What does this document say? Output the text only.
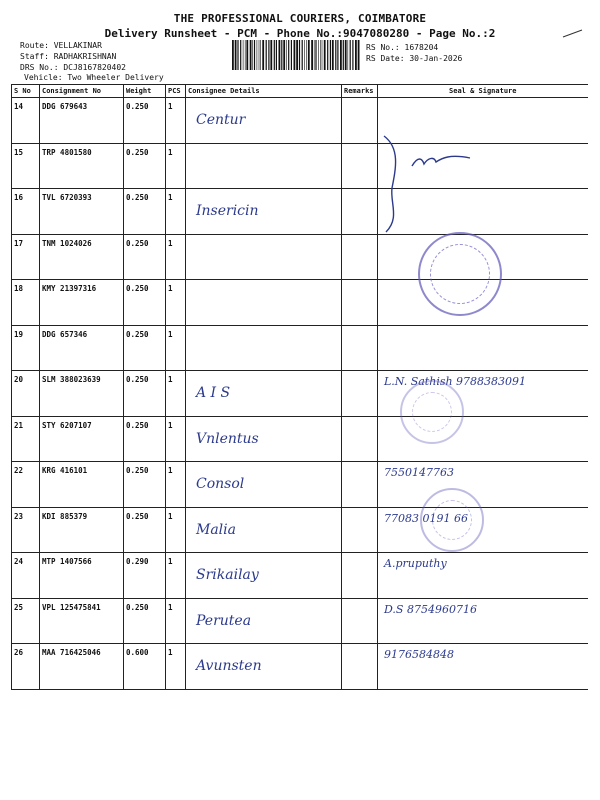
THE PROFESSIONAL COURIERS, COIMBATORE
Delivery Runsheet - PCM - Phone No.:9047080280 - Page No.:2
Route: VELLAKINAR
Staff: RADHAKRISHNAN
DRS No.: DCJ8167820402
Vehicle: Two Wheeler Delivery
RS No.: 1678204
RS Date: 30-Jan-2026
S No	Consignment No	Weight	PCS	Consignee Details	Remarks	Seal & Signature
14	DDG 679643	0.250	1	Centur		

15	TRP 4801580	0.250	1	

16	TVL 6720393	0.250	1	Insericin		

17	TNM 1024026	0.250	1	

18	KMY 21397316	0.250	1	

19	DDG 657346	0.250	1	

20	SLM 388023639	0.250	1	A I S		L.N. Sathish 9788383091

21	STY 6207107	0.250	1	Vnlentus		

22	KRG 416101	0.250	1	Consol		7550147763

23	KDI 885379	0.250	1	Malia		77083 0191 66

24	MTP 1407566	0.290	1	Srikailay		A.pruputhy

25	VPL 125475841	0.250	1	Perutea		D.S 8754960716

26	MAA 716425046	0.600	1	Avunsten		9176584848
